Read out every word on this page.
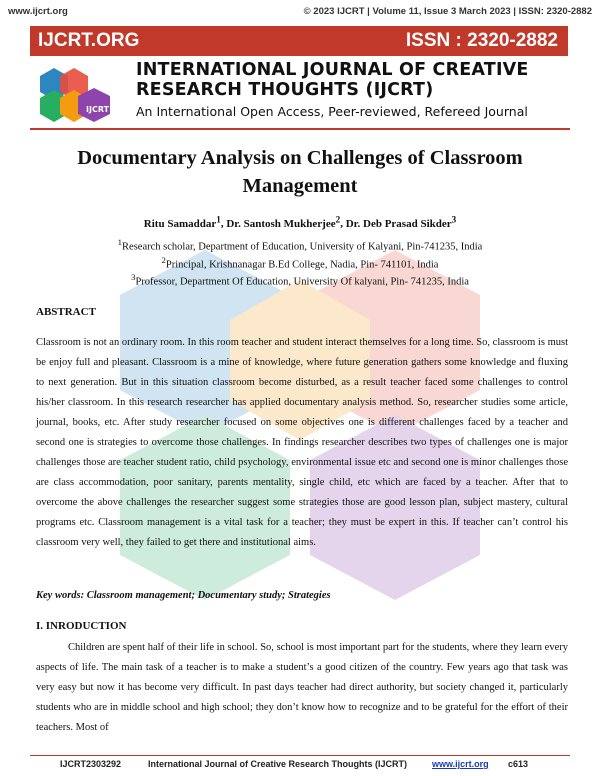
www.ijcrt.org	© 2023 IJCRT | Volume 11, Issue 3 March 2023 | ISSN: 2320-2882
IJCRT.ORG	ISSN : 2320-2882
IJCRT
INTERNATIONAL JOURNAL OF CREATIVE
RESEARCH THOUGHTS (IJCRT)
An International Open Access, Peer-reviewed, Refereed Journal
Documentary Analysis on Challenges of Classroom Management
Ritu Samaddar$^1$, Dr. Santosh Mukherjee$^2$, Dr. Deb Prasad Sikder$^3$
$^1$Research scholar, Department of Education, University of Kalyani, Pin-741235, India
$^2$Principal, Krishnanagar B.Ed College, Nadia, Pin- 741101, India
$^3$Professor, Department Of Education, University Of kalyani, Pin- 741235, India
ABSTRACT
Classroom is not an ordinary room. In this room teacher and student interact themselves for a long time. So, classroom is must be enjoy full and pleasant. Classroom is a mine of knowledge, where future generation gathers some knowledge and fluxing to next generation. But in this situation classroom become disturbed, as a result teacher faced some challenges to control his/her classroom. In this research researcher has applied documentary analysis method. So, researcher studies some article, journal, books, etc. After study researcher focused on some objectives one is different challenges faced by a teacher and second one is strategies to overcome those challenges. In findings researcher describes two types of challenges one is major challenges those are teacher student ratio, child psychology, environmental issue etc and second one is minor challenges those are class accommodation, poor sanitary, parents mentality, single child, etc which are faced by a teacher. After that to overcome the above challenges the researcher suggest some strategies those are good lesson plan, subject mastery, cultural programs etc. Classroom management is a vital task for a teacher; they must be expert in this. If teacher can’t control his classroom very well, they failed to get there and institutional aims.
Key words: Classroom management; Documentary study; Strategies
I. INRODUCTION
Children are spent half of their life in school. So, school is most important part for the students, where they learn every aspects of life. The main task of a teacher is to make a student’s a good citizen of the country. Few years ago that task was very easy but now it has become very difficult. In past days teacher had direct authority, but society changed it, particularly students who are in middle school and high school; they don’t know how to recognize and to be grateful for the effort of their teachers. Most of
IJCRT2303292	International Journal of Creative Research Thoughts (IJCRT)	www.ijcrt.org c613
